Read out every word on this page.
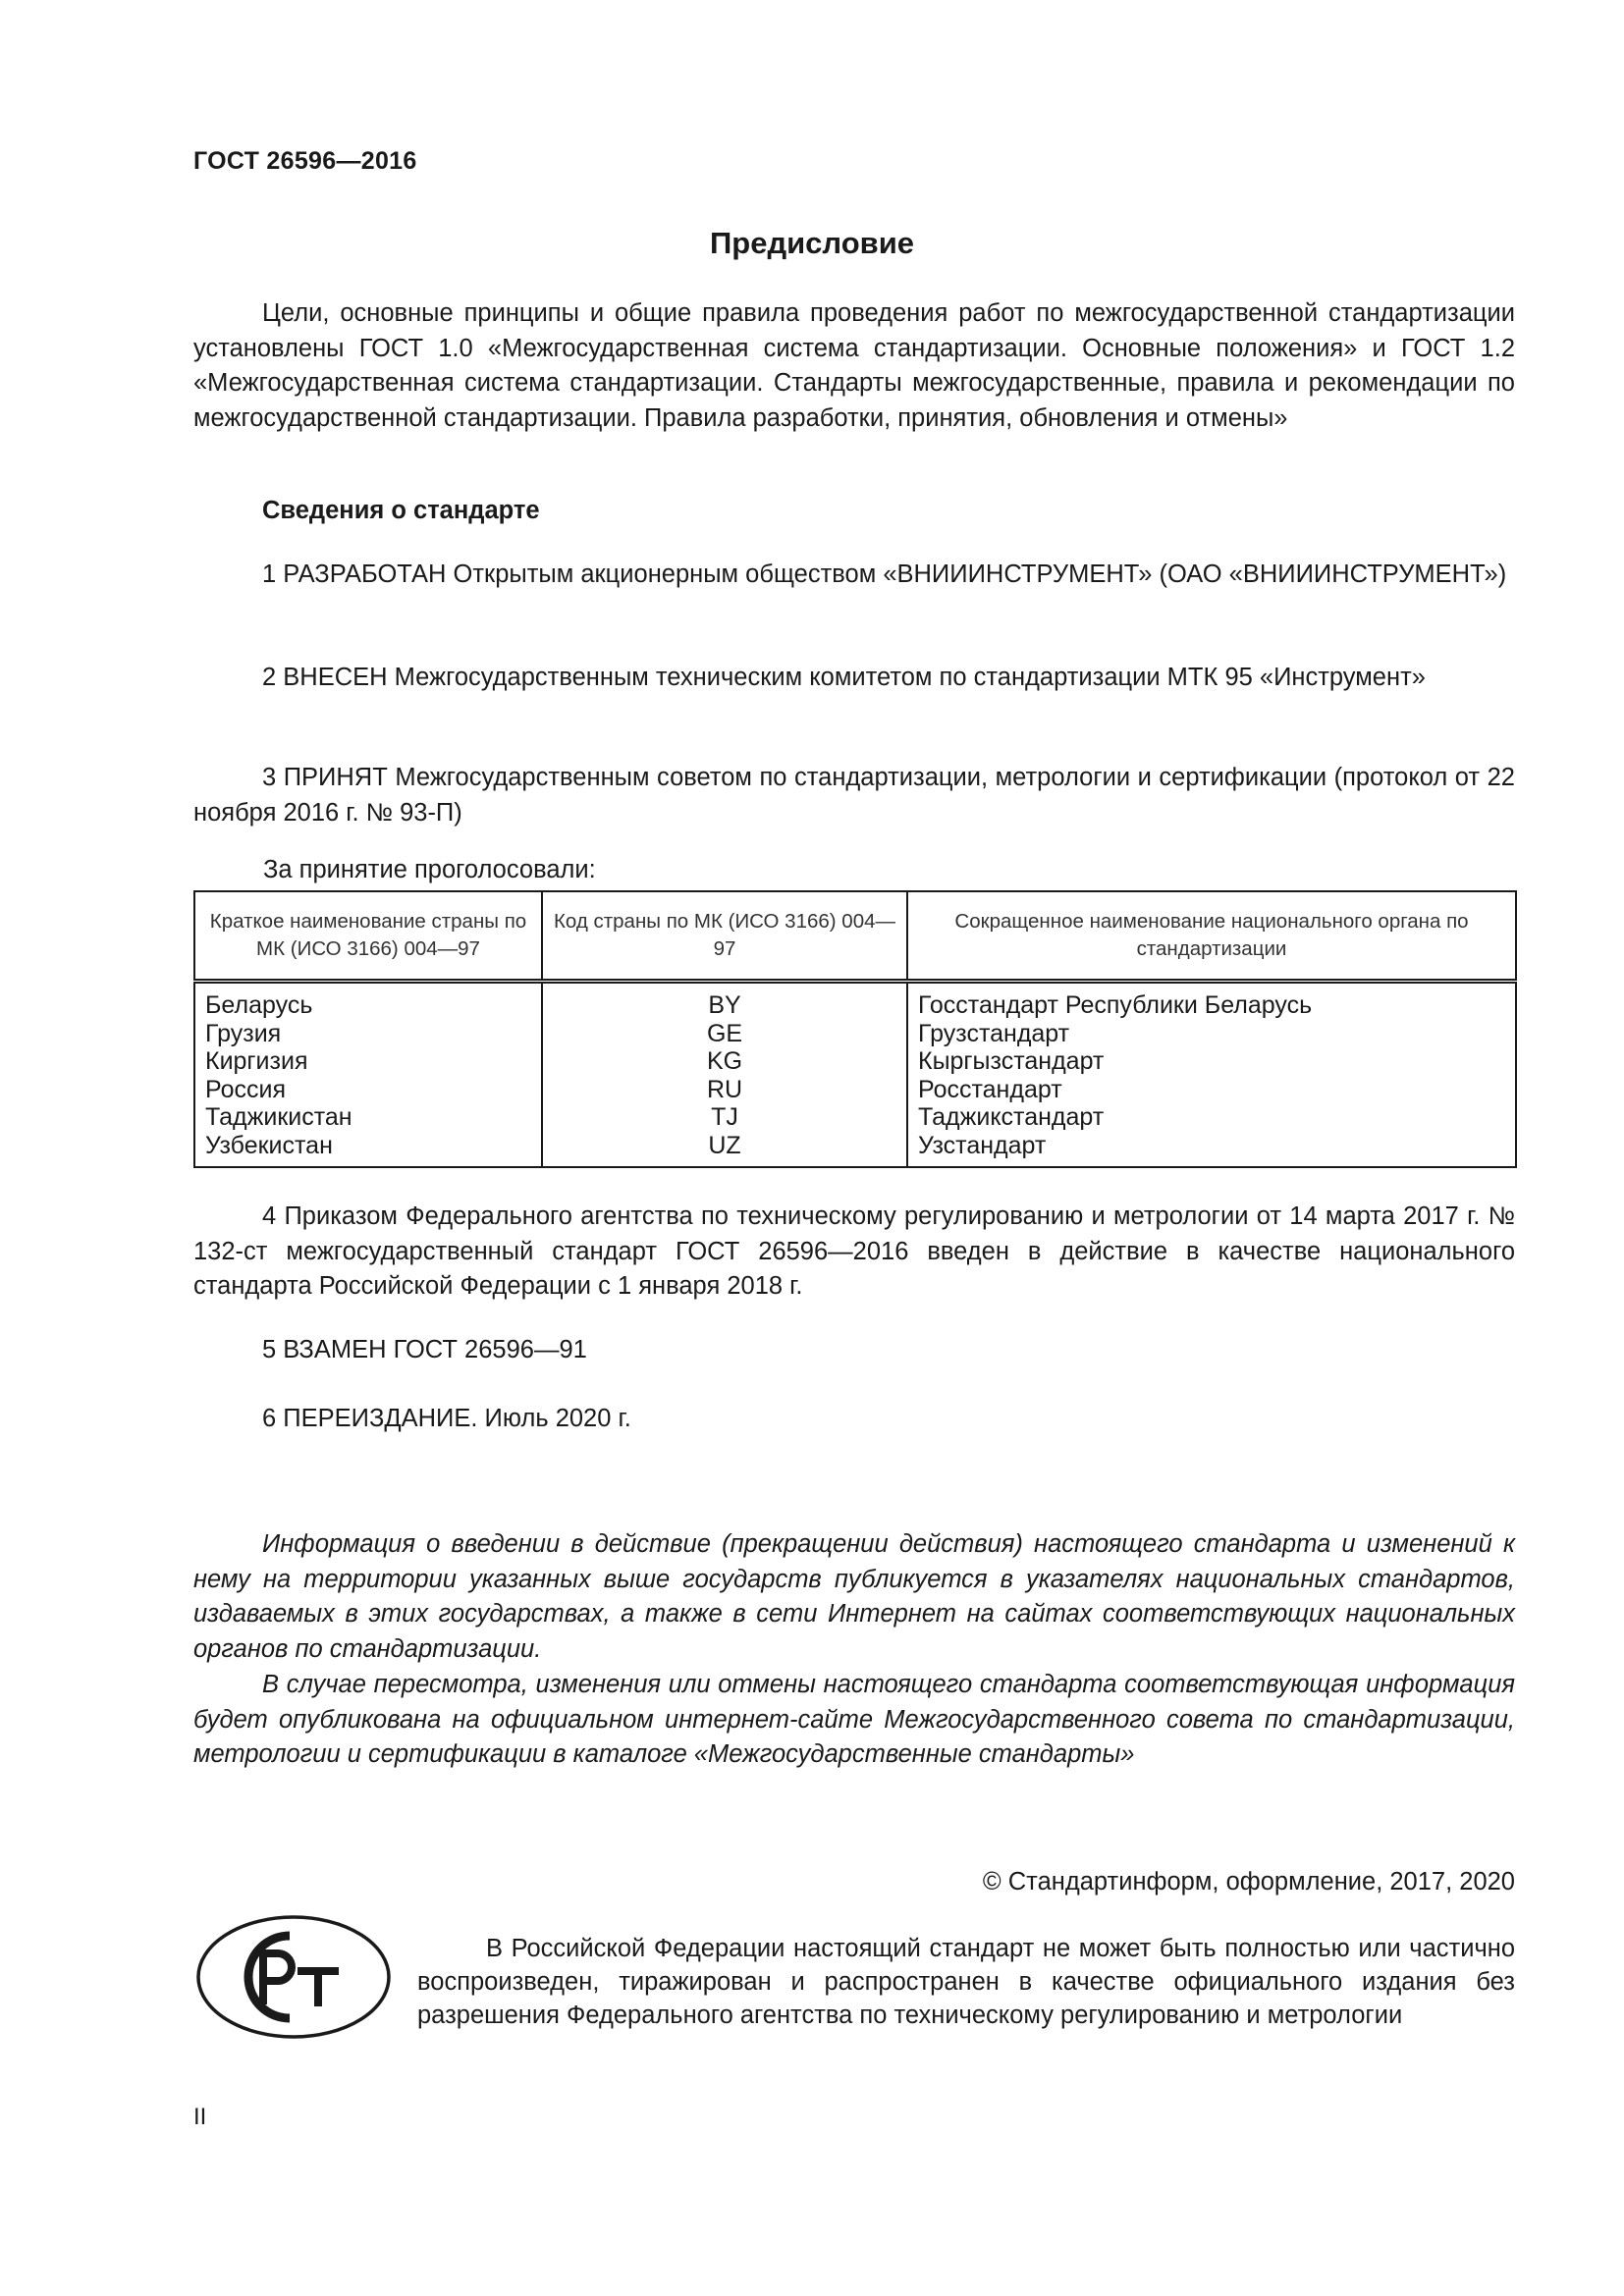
ГОСТ 26596—2016
Предисловие
Цели, основные принципы и общие правила проведения работ по межгосударственной стандартизации установлены ГОСТ 1.0 «Межгосударственная система стандартизации. Основные положения» и ГОСТ 1.2 «Межгосударственная система стандартизации. Стандарты межгосударственные, правила и рекомендации по межгосударственной стандартизации. Правила разработки, принятия, обновления и отмены»
Сведения о стандарте
1 РАЗРАБОТАН Открытым акционерным обществом «ВНИИИНСТРУМЕНТ» (ОАО «ВНИИИНСТРУМЕНТ»)
2 ВНЕСЕН Межгосударственным техническим комитетом по стандартизации МТК 95 «Инструмент»
3 ПРИНЯТ Межгосударственным советом по стандартизации, метрологии и сертификации (протокол от 22 ноября 2016 г. № 93-П)
За принятие проголосовали:
Краткое наименование страны по МК (ИСО 3166) 004—97	Код страны по МК (ИСО 3166) 004—97	Сокращенное наименование национального органа по стандартизации
Беларусь	BY	Госстандарт Республики Беларусь
Грузия	GE	Грузстандарт
Киргизия	KG	Кыргызстандарт
Россия	RU	Росстандарт
Таджикистан	TJ	Таджикстандарт
Узбекистан	UZ	Узстандарт
4 Приказом Федерального агентства по техническому регулированию и метрологии от 14 марта 2017 г. № 132-ст межгосударственный стандарт ГОСТ 26596—2016 введен в действие в качестве национального стандарта Российской Федерации с 1 января 2018 г.
5 ВЗАМЕН ГОСТ 26596—91
6 ПЕРЕИЗДАНИЕ. Июль 2020 г.
Информация о введении в действие (прекращении действия) настоящего стандарта и изменений к нему на территории указанных выше государств публикуется в указателях национальных стандартов, издаваемых в этих государствах, а также в сети Интернет на сайтах соответствующих национальных органов по стандартизации.
В случае пересмотра, изменения или отмены настоящего стандарта соответствующая информация будет опубликована на официальном интернет-сайте Межгосударственного совета по стандартизации, метрологии и сертификации в каталоге «Межгосударственные стандарты»
© Стандартинформ, оформление, 2017, 2020
В Российской Федерации настоящий стандарт не может быть полностью или частично воспроизведен, тиражирован и распространен в качестве официального издания без разрешения Федерального агентства по техническому регулированию и метрологии
II
